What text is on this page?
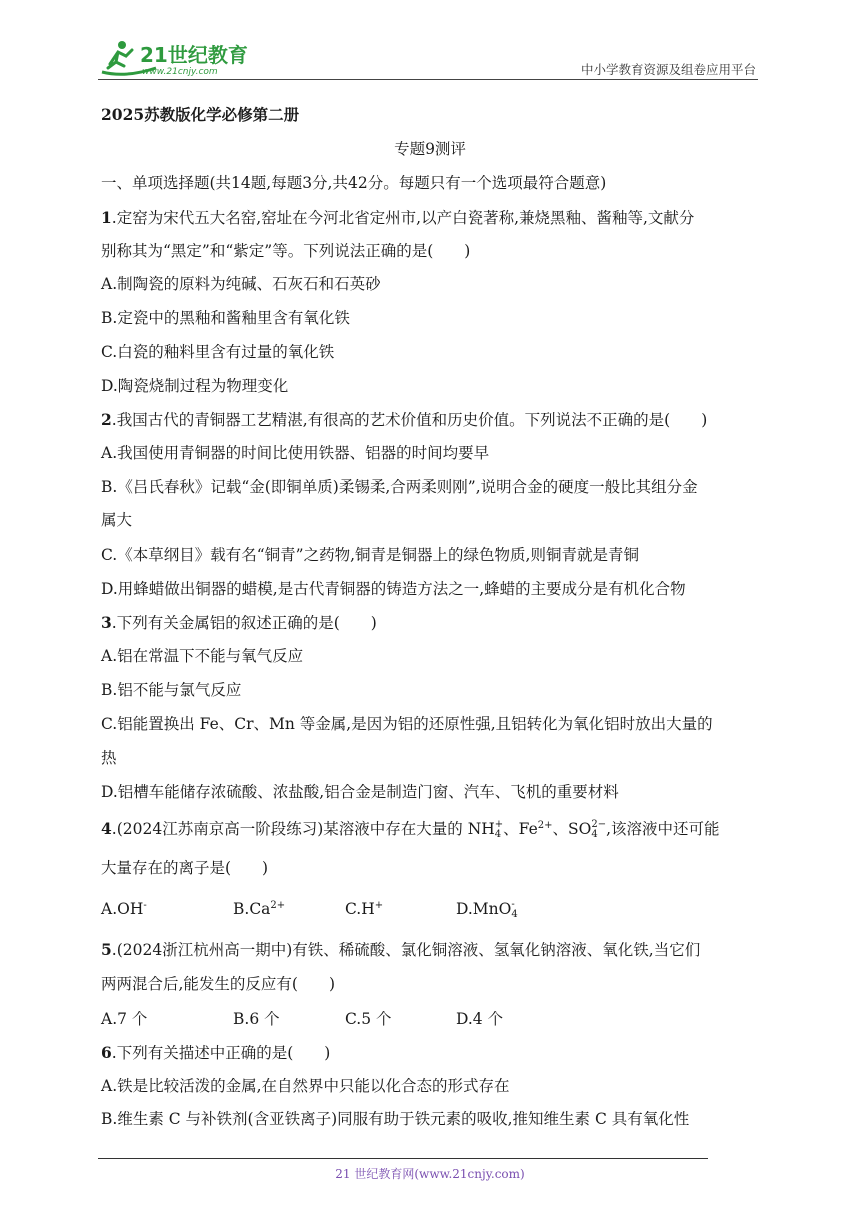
21世纪教育
www.21cnjy.com	中小学教育资源及组卷应用平台
2025苏教版化学必修第二册
专题9测评
一、单项选择题(共14题,每题3分,共42分。每题只有一个选项最符合题意)
1.定窑为宋代五大名窑,窑址在今河北省定州市,以产白瓷著称,兼烧黑釉、酱釉等,文献分
别称其为“黑定”和“紫定”等。下列说法正确的是(　　)
A.制陶瓷的原料为纯碱、石灰石和石英砂
B.定瓷中的黑釉和酱釉里含有氧化铁
C.白瓷的釉料里含有过量的氧化铁
D.陶瓷烧制过程为物理变化
2.我国古代的青铜器工艺精湛,有很高的艺术价值和历史价值。下列说法不正确的是(　　)
A.我国使用青铜器的时间比使用铁器、铝器的时间均要早
B.《吕氏春秋》记载“金(即铜单质)柔锡柔,合两柔则刚”,说明合金的硬度一般比其组分金
属大
C.《本草纲目》载有名“铜青”之药物,铜青是铜器上的绿色物质,则铜青就是青铜
D.用蜂蜡做出铜器的蜡模,是古代青铜器的铸造方法之一,蜂蜡的主要成分是有机化合物
3.下列有关金属铝的叙述正确的是(　　)
A.铝在常温下不能与氧气反应
B.铝不能与氯气反应
C.铝能置换出 Fe、Cr、Mn 等金属,是因为铝的还原性强,且铝转化为氧化铝时放出大量的
热
D.铝槽车能储存浓硫酸、浓盐酸,铝合金是制造门窗、汽车、飞机的重要材料
4.(2024江苏南京高一阶段练习)某溶液中存在大量的 NH +
4 、$Fe^{2+}$、SO 2−
4 ,该溶液中还可能
大量存在的离子是(　　)
A.OH-	$B.Ca^{2+}$	C.H+	D.MnO -
4
5.(2024浙江杭州高一期中)有铁、稀硫酸、氯化铜溶液、氢氧化钠溶液、氧化铁,当它们
两两混合后,能发生的反应有(　　)
A.7 个	B.6 个	C.5 个	D.4 个
6.下列有关描述中正确的是(　　)
A.铁是比较活泼的金属,在自然界中只能以化合态的形式存在
B.维生素 C 与补铁剂(含亚铁离子)同服有助于铁元素的吸收,推知维生素 C 具有氧化性
21 世纪教育网(www.21cnjy.com)
